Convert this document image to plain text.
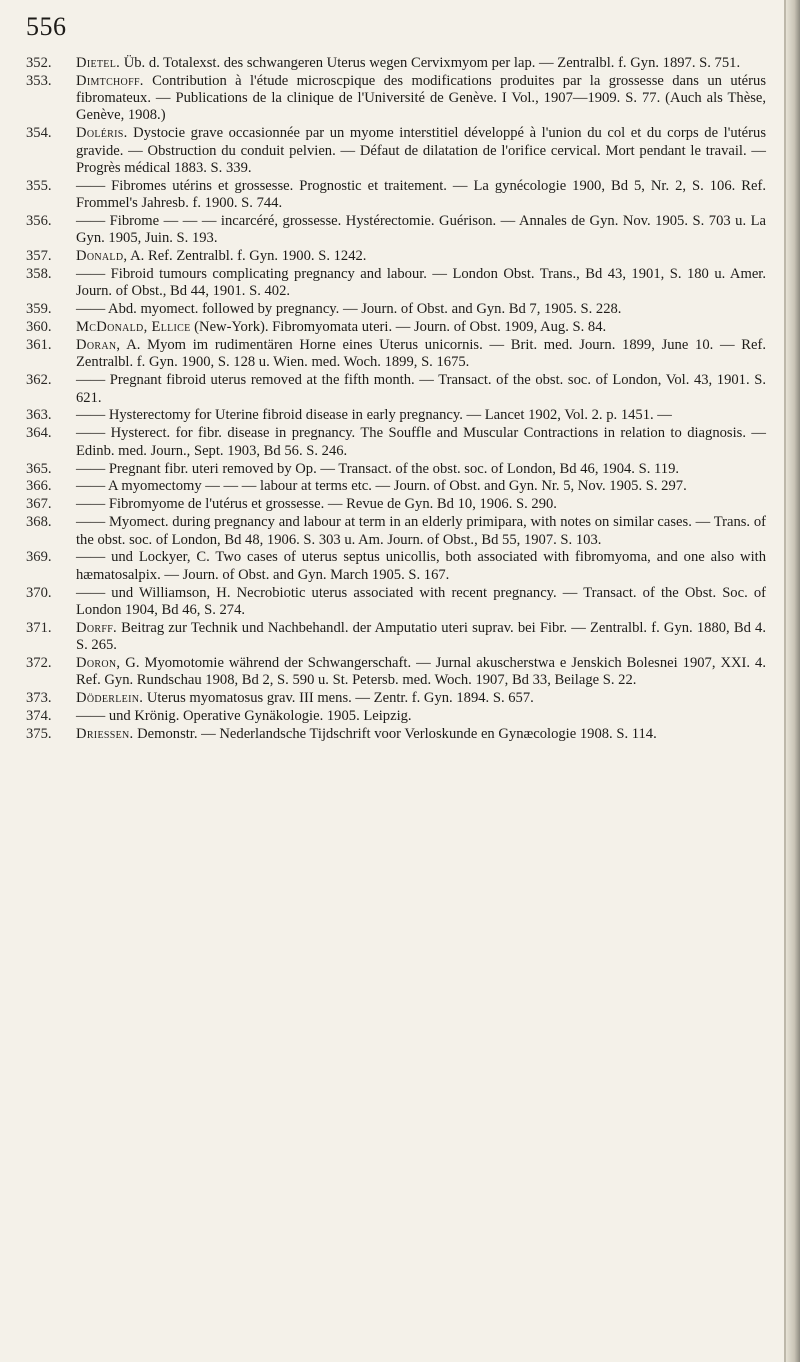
556
352.	Dietel. Üb. d. Totalexst. des schwangeren Uterus wegen Cervixmyom per lap. — Zentralbl. f. Gyn. 1897. S. 751.
353.	Dimtchoff. Contribution à l'étude microscpique des modifications produites par la grossesse dans un utérus fibromateux. — Publications de la clinique de l'Université de Genève. I Vol., 1907—1909. S. 77. (Auch als Thèse, Genève, 1908.)
354.	Doléris. Dystocie grave occasionnée par un myome interstitiel développé à l'union du col et du corps de l'utérus gravide. — Obstruction du conduit pelvien. — Défaut de dilatation de l'orifice cervical. Mort pendant le travail. — Progrès médical 1883. S. 339.
355.	—— Fibromes utérins et grossesse. Prognostic et traitement. — La gynécologie 1900, Bd 5, Nr. 2, S. 106. Ref. Frommel's Jahresb. f. 1900. S. 744.
356.	—— Fibrome — — — incarcéré, grossesse. Hystérectomie. Guérison. — Annales de Gyn. Nov. 1905. S. 703 u. La Gyn. 1905, Juin. S. 193.
357.	Donald, A. Ref. Zentralbl. f. Gyn. 1900. S. 1242.
358.	—— Fibroid tumours complicating pregnancy and labour. — London Obst. Trans., Bd 43, 1901, S. 180 u. Amer. Journ. of Obst., Bd 44, 1901. S. 402.
359.	—— Abd. myomect. followed by pregnancy. — Journ. of Obst. and Gyn. Bd 7, 1905. S. 228.
360.	McDonald, Ellice (New-York). Fibromyomata uteri. — Journ. of Obst. 1909, Aug. S. 84.
361.	Doran, A. Myom im rudimentären Horne eines Uterus unicornis. — Brit. med. Journ. 1899, June 10. — Ref. Zentralbl. f. Gyn. 1900, S. 128 u. Wien. med. Woch. 1899, S. 1675.
362.	—— Pregnant fibroid uterus removed at the fifth month. — Transact. of the obst. soc. of London, Vol. 43, 1901. S. 621.
363.	—— Hysterectomy for Uterine fibroid disease in early pregnancy. — Lancet 1902, Vol. 2. p. 1451. —
364.	—— Hysterect. for fibr. disease in pregnancy. The Souffle and Muscular Contractions in relation to diagnosis. — Edinb. med. Journ., Sept. 1903, Bd 56. S. 246.
365.	—— Pregnant fibr. uteri removed by Op. — Transact. of the obst. soc. of London, Bd 46, 1904. S. 119.
366.	—— A myomectomy — — — labour at terms etc. — Journ. of Obst. and Gyn. Nr. 5, Nov. 1905. S. 297.
367.	—— Fibromyome de l'utérus et grossesse. — Revue de Gyn. Bd 10, 1906. S. 290.
368.	—— Myomect. during pregnancy and labour at term in an elderly primipara, with notes on similar cases. — Trans. of the obst. soc. of London, Bd 48, 1906. S. 303 u. Am. Journ. of Obst., Bd 55, 1907. S. 103.
369.	—— und Lockyer, C. Two cases of uterus septus unicollis, both associated with fibromyoma, and one also with hæmatosalpix. — Journ. of Obst. and Gyn. March 1905. S. 167.
370.	—— und Williamson, H. Necrobiotic uterus associated with recent pregnancy. — Transact. of the Obst. Soc. of London 1904, Bd 46, S. 274.
371.	Dorff. Beitrag zur Technik und Nachbehandl. der Amputatio uteri suprav. bei Fibr. — Zentralbl. f. Gyn. 1880, Bd 4. S. 265.
372.	Doron, G. Myomotomie während der Schwangerschaft. — Jurnal akuscherstwa e Jenskich Bolesnei 1907, XXI. 4. Ref. Gyn. Rundschau 1908, Bd 2, S. 590 u. St. Petersb. med. Woch. 1907, Bd 33, Beilage S. 22.
373.	Döderlein. Uterus myomatosus grav. III mens. — Zentr. f. Gyn. 1894. S. 657.
374.	—— und Krönig. Operative Gynäkologie. 1905. Leipzig.
375.	Driessen. Demonstr. — Nederlandsche Tijdschrift voor Verloskunde en Gynæcologie 1908. S. 114.
